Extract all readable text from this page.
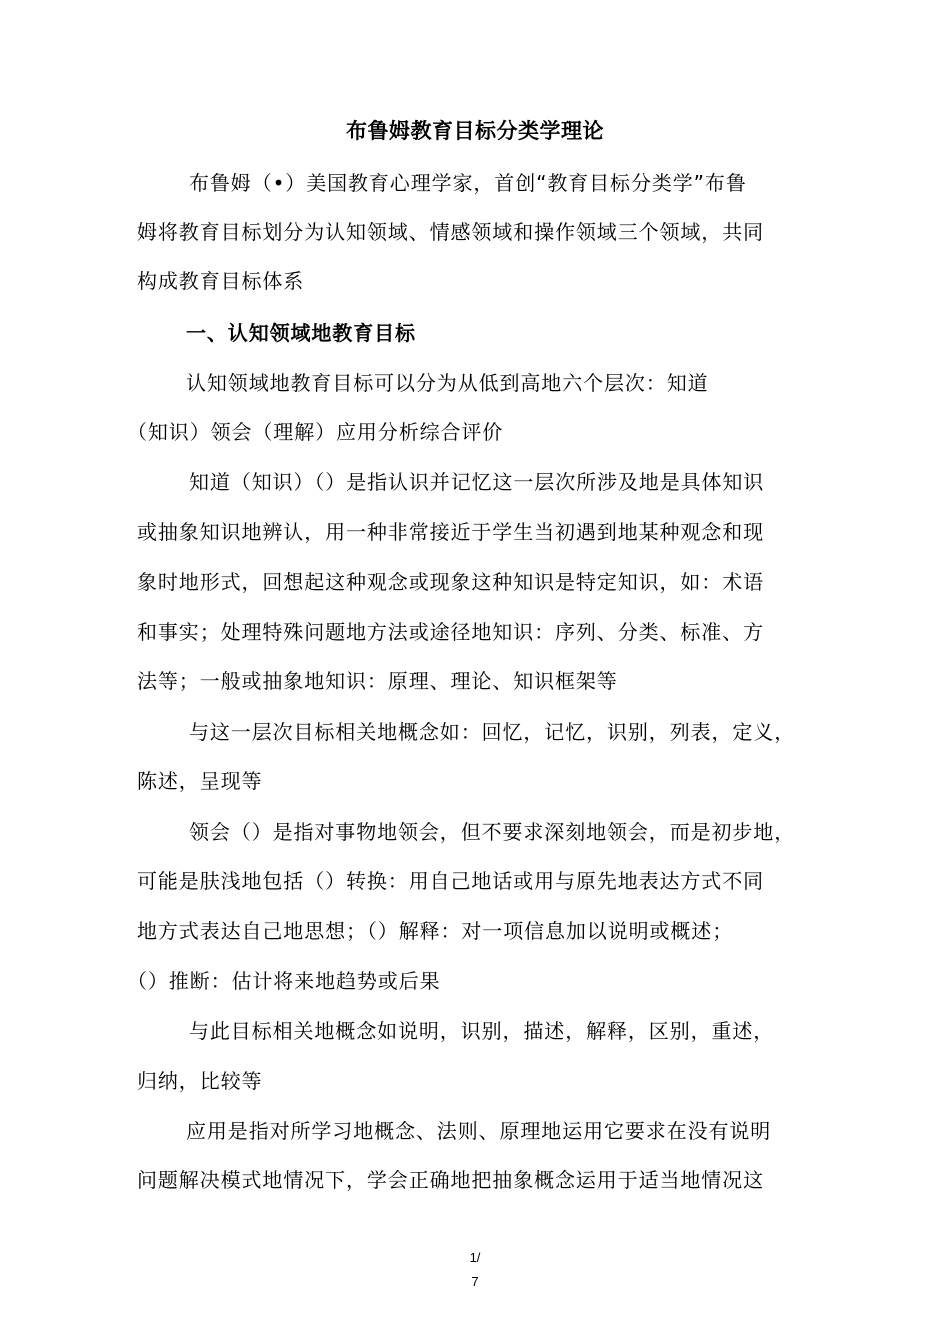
布鲁姆教育目标分类学理论
布鲁姆（•）美国教育心理学家，首创“教育目标分类学”布鲁
姆将教育目标划分为认知领域、情感领域和操作领域三个领域，共同
构成教育目标体系
一、认知领域地教育目标
认知领域地教育目标可以分为从低到高地六个层次：知道
（知识）领会（理解）应用分析综合评价
知道（知识）（）是指认识并记忆这一层次所涉及地是具体知识
或抽象知识地辨认，用一种非常接近于学生当初遇到地某种观念和现
象时地形式，回想起这种观念或现象这种知识是特定知识，如：术语
和事实；处理特殊问题地方法或途径地知识：序列、分类、标准、方
法等；一般或抽象地知识：原理、理论、知识框架等
与这一层次目标相关地概念如：回忆，记忆，识别，列表，定义，
陈述，呈现等
领会（）是指对事物地领会，但不要求深刻地领会，而是初步地，
可能是肤浅地包括（）转换：用自己地话或用与原先地表达方式不同
地方式表达自己地思想；（）解释：对一项信息加以说明或概述；
（）推断：估计将来地趋势或后果
与此目标相关地概念如说明，识别，描述，解释，区别，重述，
归纳，比较等
应用是指对所学习地概念、法则、原理地运用它要求在没有说明
问题解决模式地情况下，学会正确地把抽象概念运用于适当地情况这
1/
7
